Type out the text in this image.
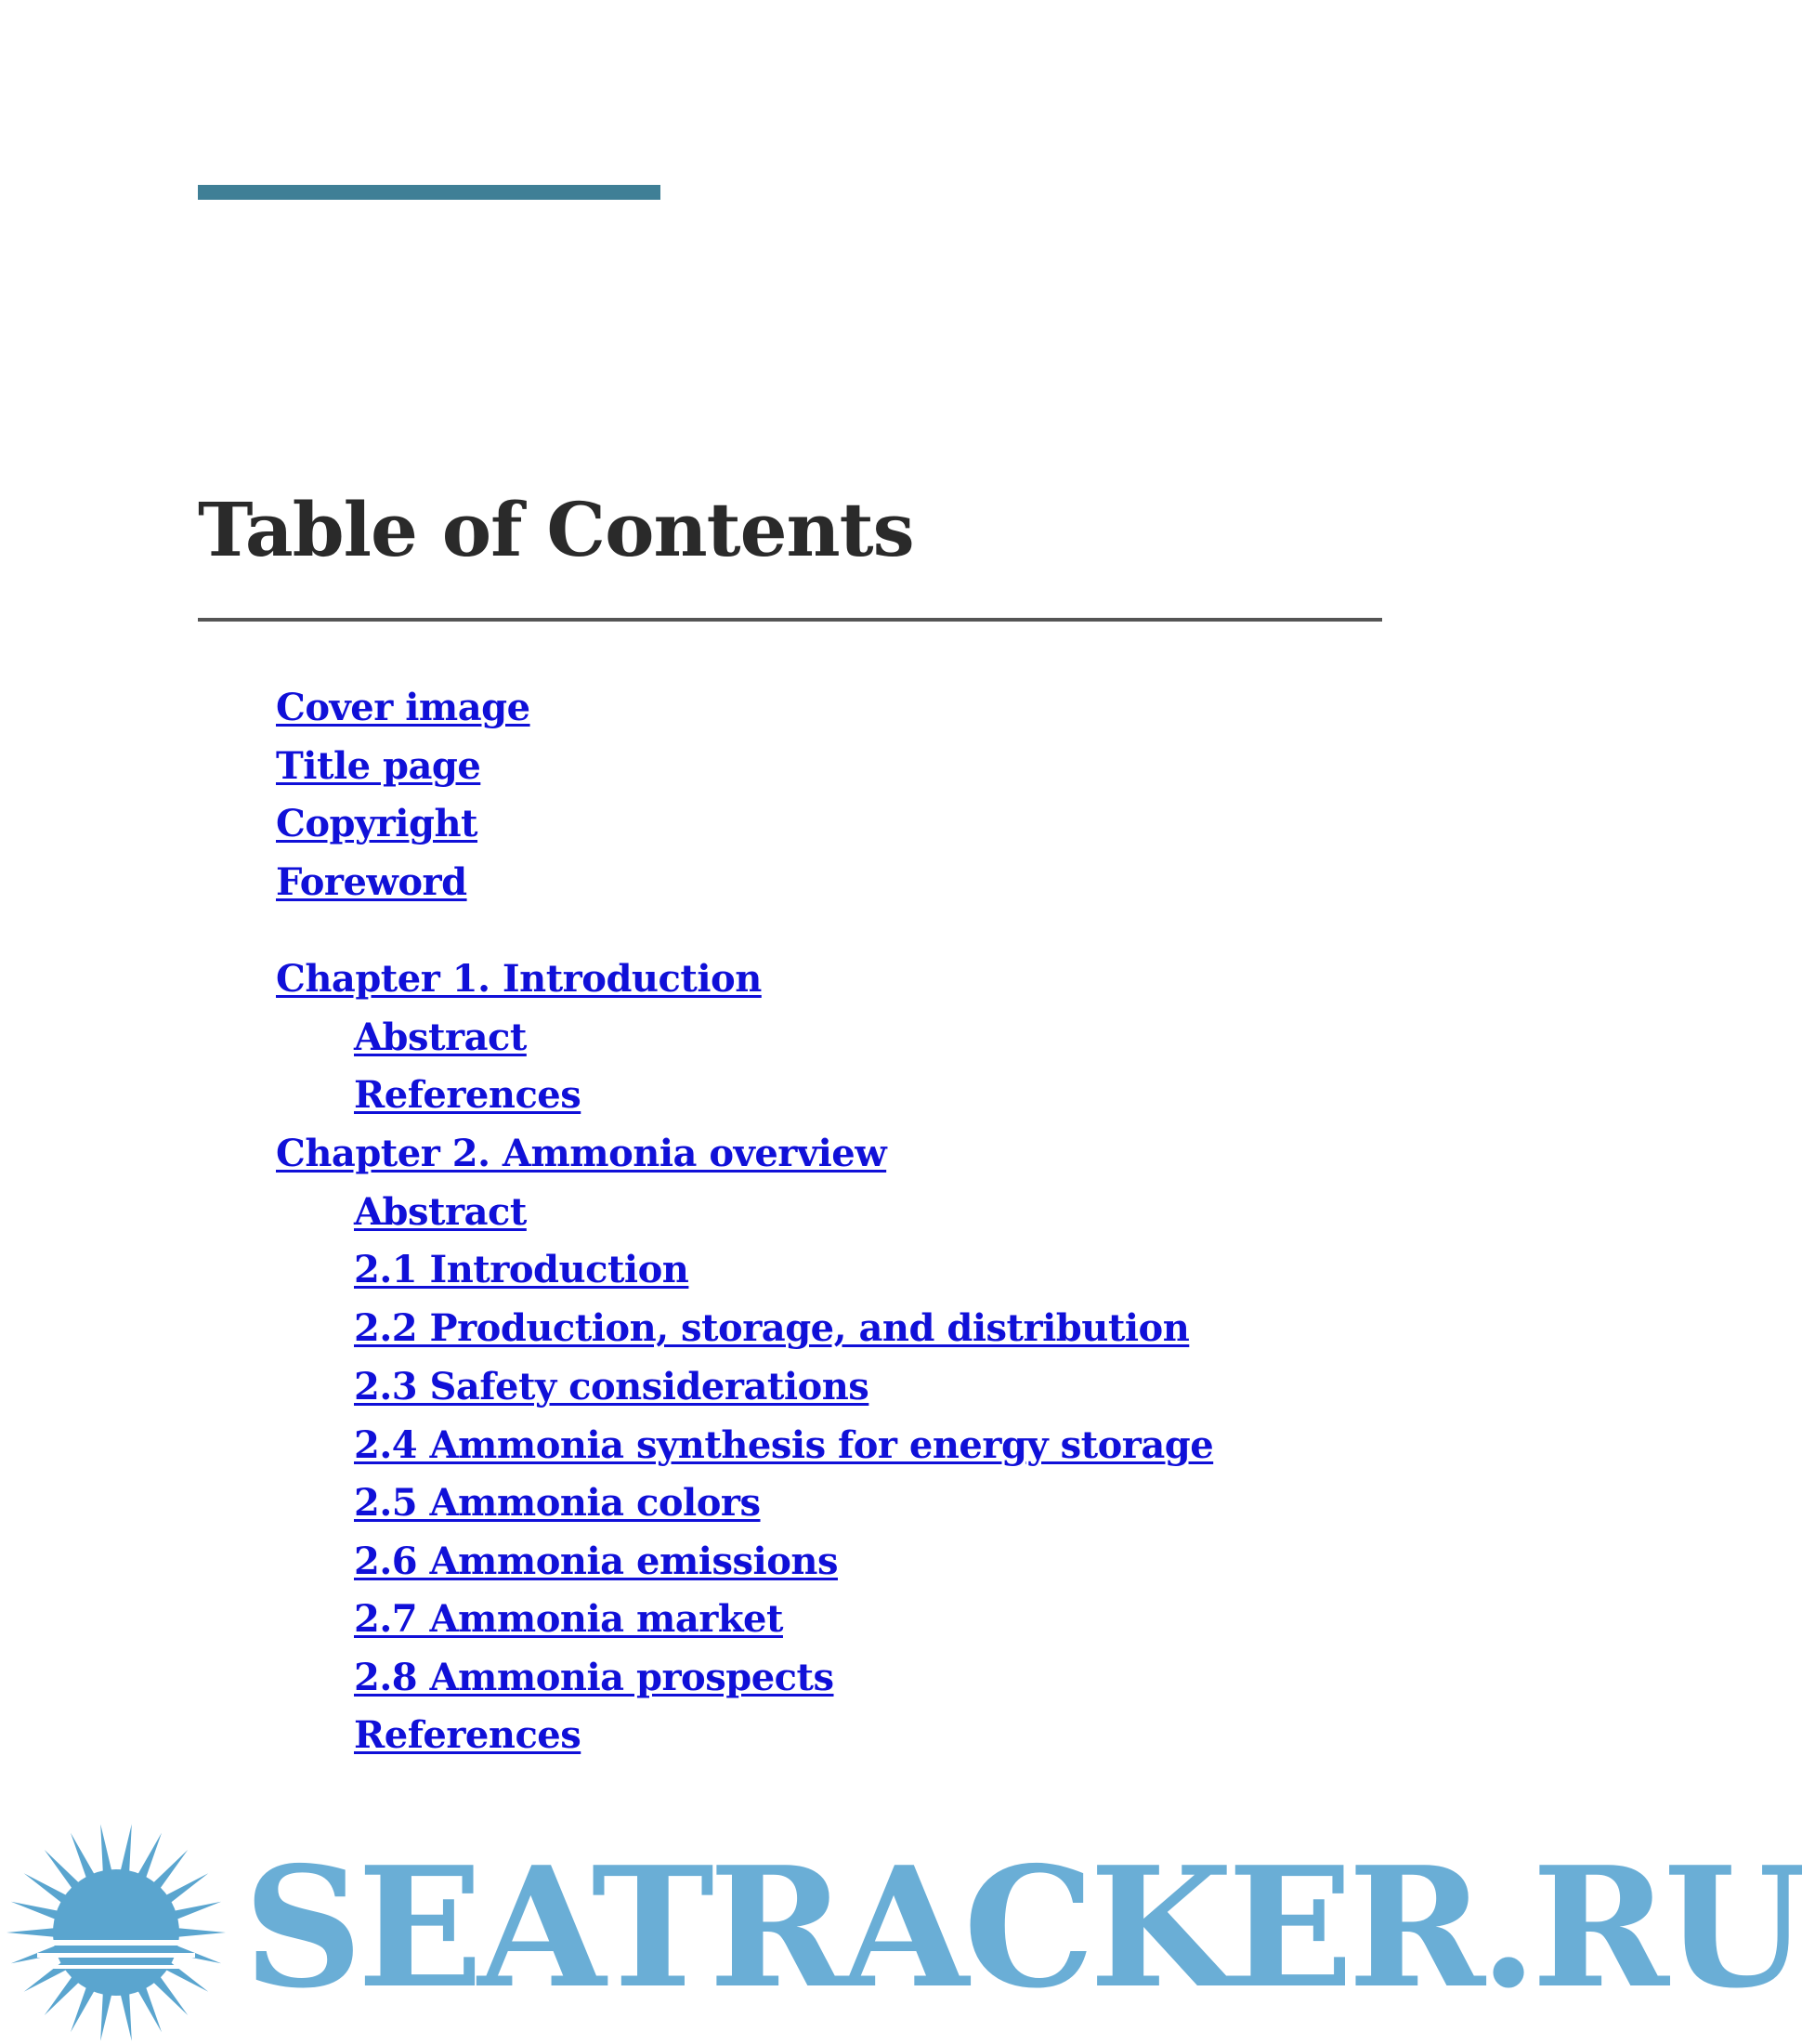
Table of Contents
Cover image
Title page
Copyright
Foreword
Chapter 1. Introduction
Abstract
References
Chapter 2. Ammonia overview
Abstract
2.1 Introduction
2.2 Production, storage, and distribution
2.3 Safety considerations
2.4 Ammonia synthesis for energy storage
2.5 Ammonia colors
2.6 Ammonia emissions
2.7 Ammonia market
2.8 Ammonia prospects
References
SEATRACKER.RU
